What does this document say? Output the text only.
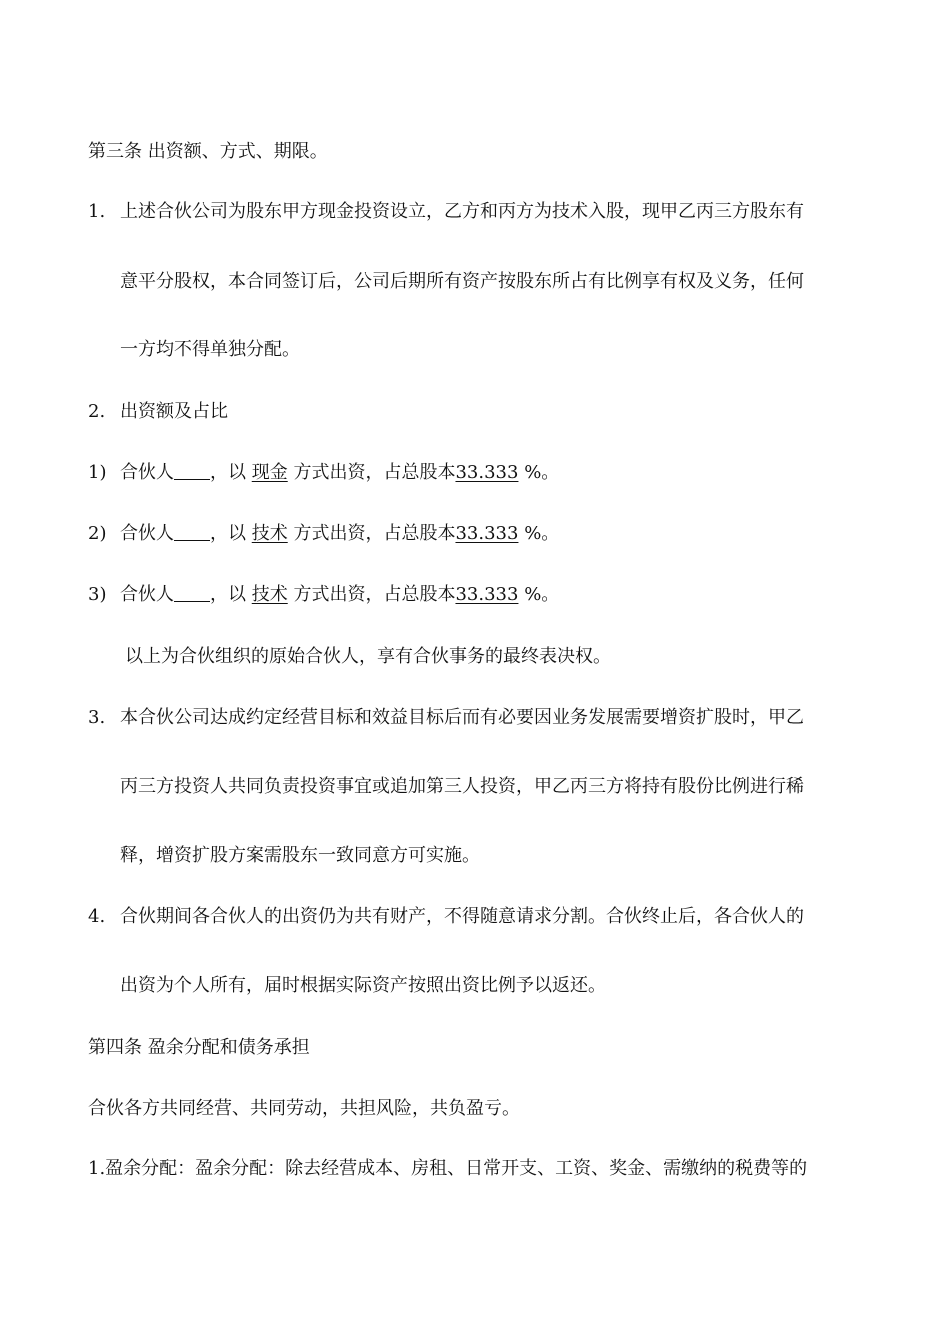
第三条 出资额、方式、期限。
1. 上述合伙公司为股东甲方现金投资设立，乙方和丙方为技术入股，现甲乙丙三方股东有
意平分股权，本合同签订后，公司后期所有资产按股东所占有比例享有权及义务，任何
一方均不得单独分配。
2. 出资额及占比
1) 合伙人 ，以 现金 方式出资，占总股本33.333 %。
2) 合伙人 ，以 技术 方式出资，占总股本33.333 %。
3) 合伙人 ，以 技术 方式出资，占总股本33.333 %。
以上为合伙组织的原始合伙人，享有合伙事务的最终表决权。
3. 本合伙公司达成约定经营目标和效益目标后而有必要因业务发展需要增资扩股时，甲乙
丙三方投资人共同负责投资事宜或追加第三人投资，甲乙丙三方将持有股份比例进行稀
释，增资扩股方案需股东一致同意方可实施。
4. 合伙期间各合伙人的出资仍为共有财产，不得随意请求分割。合伙终止后，各合伙人的
出资为个人所有，届时根据实际资产按照出资比例予以返还。
第四条 盈余分配和债务承担
合伙各方共同经营、共同劳动，共担风险，共负盈亏。
1.盈余分配：盈余分配：除去经营成本、房租、日常开支、工资、奖金、需缴纳的税费等的
